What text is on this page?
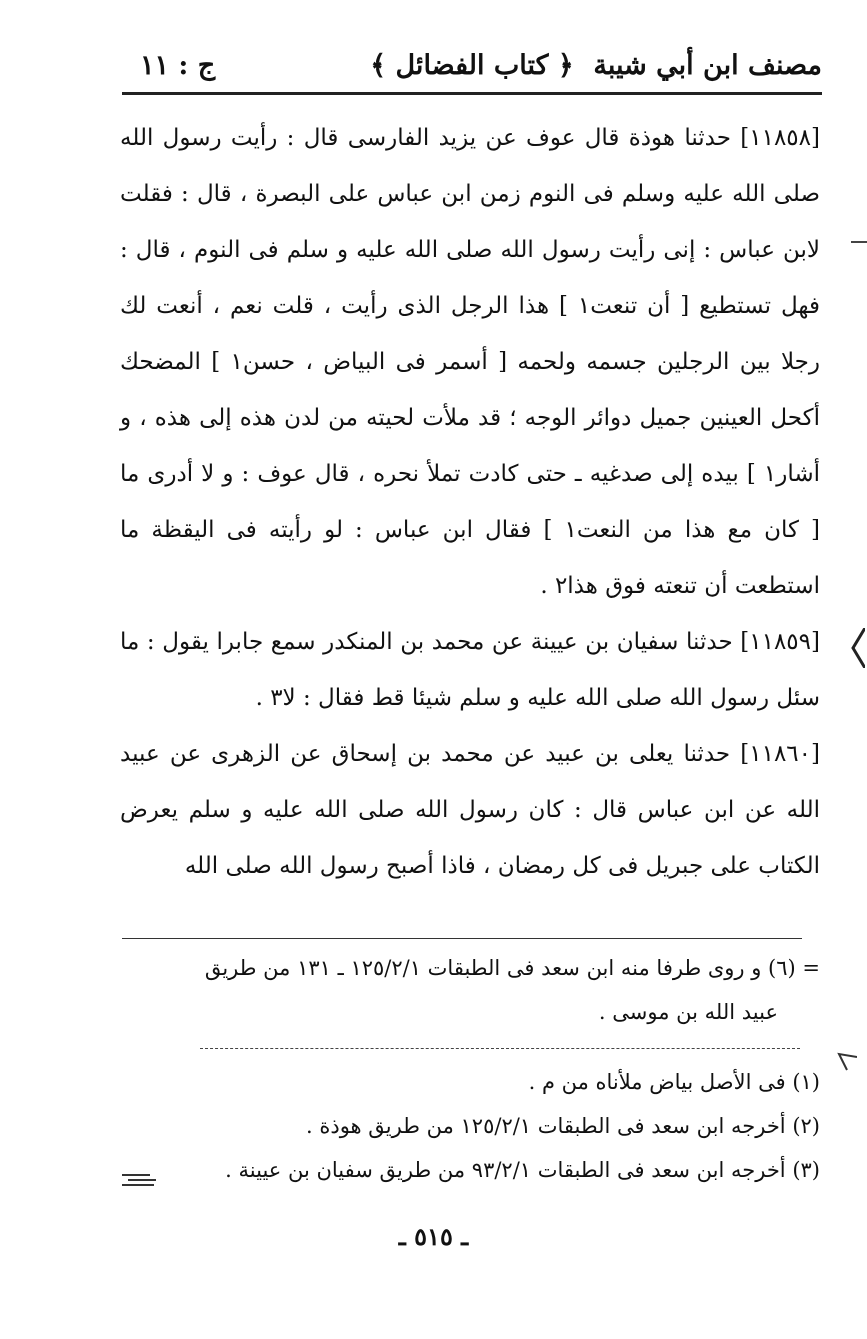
مصنف ابن أبي شيبة
﴿ كتاب الفضائل ﴾
ج : ١١

[١١٨٥٨] حدثنا هوذة قال عوف عن يزيد الفارسى قال : رأيت رسول الله صلى الله عليه وسلم فى النوم زمن ابن عباس على البصرة ، قال : فقلت لابن عباس : إنى رأيت رسول الله صلى الله عليه و سلم فى النوم ، قال : فهل تستطيع [ أن تنعت١ ] هذا الرجل الذى رأيت ، قلت نعم ، أنعت لك رجلا بين الرجلين جسمه ولحمه [ أسمر فى البياض ، حسن١ ] المضحك أكحل العينين جميل دوائر الوجه ؛ قد ملأت لحيته من لدن هذه إلى هذه ، و أشار١ ] بيده إلى صدغيه ـ حتى كادت تملأ نحره ، قال عوف : و لا أدرى ما [ كان مع هذا من النعت١ ] فقال ابن عباس : لو رأيته فى اليقظة ما استطعت أن تنعته فوق هذا٢ .

[١١٨٥٩] حدثنا سفيان بن عيينة عن محمد بن المنكدر سمع جابرا يقول : ما سئل رسول الله صلى الله عليه و سلم شيئا قط فقال : لا٣ .

[١١٨٦٠] حدثنا يعلى بن عبيد عن محمد بن إسحاق عن الزهرى عن عبيد الله عن ابن عباس قال : كان رسول الله صلى الله عليه و سلم يعرض الكتاب على جبريل فى كل رمضان ، فاذا أصبح رسول الله صلى الله

= (٦) و روى طرفا منه ابن سعد فى الطبقات ١٢٥/٢/١ ـ ١٣١ من طريق
عبيد الله بن موسى .

(١) فى الأصل بياض ملأناه من م .

(٢) أخرجه ابن سعد فى الطبقات ١٢٥/٢/١ من طريق هوذة .

(٣) أخرجه ابن سعد فى الطبقات ٩٣/٢/١ من طريق سفيان بن عيينة .

ـ ٥١٥ ـ
